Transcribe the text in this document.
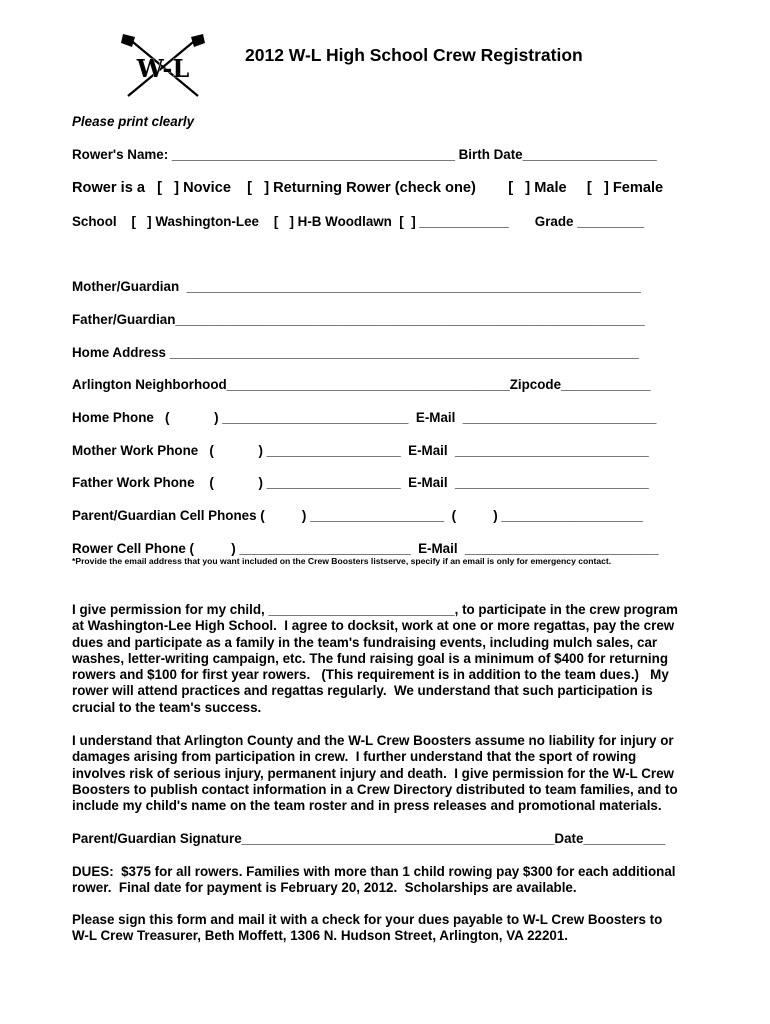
W-L	2012 W-L High School Crew Registration
Please print clearly
Rower's Name: ______________________________________ Birth Date__________________
Rower is a   [   ] Novice    [   ] Returning Rower (check one)        [   ] Male     [   ] Female
School    [   ] Washington-Lee    [   ] H-B Woodlawn  [  ] ____________       Grade _________
Mother/Guardian  _____________________________________________________________
Father/Guardian_______________________________________________________________
Home Address _______________________________________________________________
Arlington Neighborhood______________________________________Zipcode____________
Home Phone   (            ) _________________________  E-Mail  __________________________
Mother Work Phone   (            ) __________________  E-Mail  __________________________
Father Work Phone    (            ) __________________  E-Mail  __________________________
Parent/Guardian Cell Phones (          ) __________________  (          ) ___________________
Rower Cell Phone (          ) _______________________  E-Mail  __________________________
*Provide the email address that you want included on the Crew Boosters listserve, specify if an email is only for emergency contact.
I give permission for my child, _________________________, to participate in the crew program
at Washington-Lee High School.  I agree to docksit, work at one or more regattas, pay the crew
dues and participate as a family in the team's fundraising events, including mulch sales, car
washes, letter-writing campaign, etc. The fund raising goal is a minimum of $400 for returning
rowers and $100 for first year rowers.   (This requirement is in addition to the team dues.)   My
rower will attend practices and regattas regularly.  We understand that such participation is
crucial to the team's success.
I understand that Arlington County and the W-L Crew Boosters assume no liability for injury or
damages arising from participation in crew.  I further understand that the sport of rowing
involves risk of serious injury, permanent injury and death.  I give permission for the W-L Crew
Boosters to publish contact information in a Crew Directory distributed to team families, and to
include my child's name on the team roster and in press releases and promotional materials.
Parent/Guardian Signature__________________________________________Date___________
DUES:  $375 for all rowers. Families with more than 1 child rowing pay $300 for each additional
rower.  Final date for payment is February 20, 2012.  Scholarships are available.
Please sign this form and mail it with a check for your dues payable to W-L Crew Boosters to
W-L Crew Treasurer, Beth Moffett, 1306 N. Hudson Street, Arlington, VA 22201.
